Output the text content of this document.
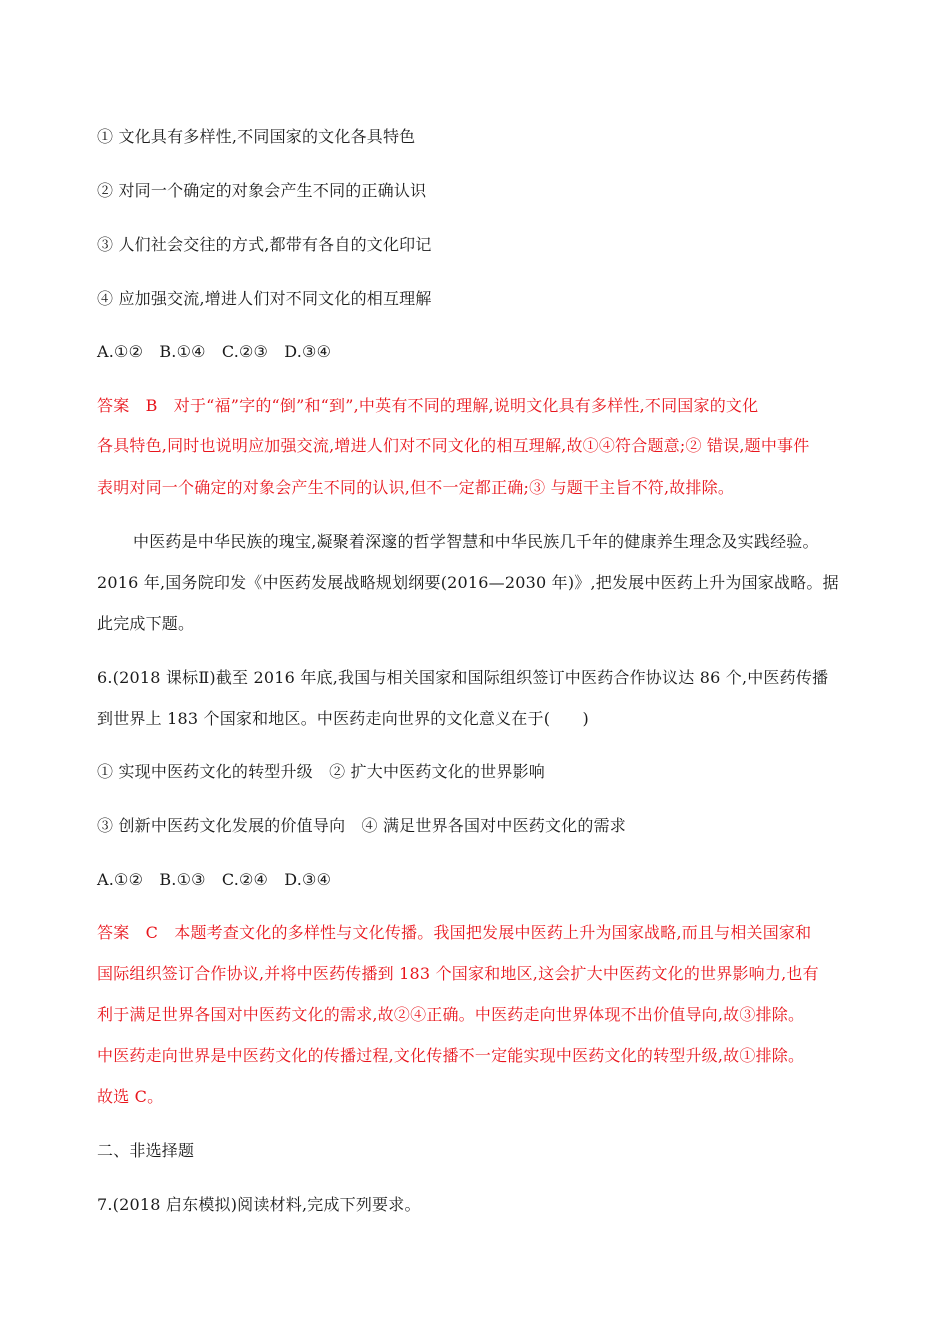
① 文化具有多样性,不同国家的文化各具特色
② 对同一个确定的对象会产生不同的正确认识
③ 人们社会交往的方式,都带有各自的文化印记
④ 应加强交流,增进人们对不同文化的相互理解
A.①②　B.①④　C.②③　D.③④
答案　B　对于“福”字的“倒”和“到”,中英有不同的理解,说明文化具有多样性,不同国家的文化
各具特色,同时也说明应加强交流,增进人们对不同文化的相互理解,故①④符合题意;② 错误,题中事件
表明对同一个确定的对象会产生不同的认识,但不一定都正确;③ 与题干主旨不符,故排除。
中医药是中华民族的瑰宝,凝聚着深邃的哲学智慧和中华民族几千年的健康养生理念及实践经验。
2016 年,国务院印发《中医药发展战略规划纲要(2016—2030 年)》,把发展中医药上升为国家战略。据
此完成下题。
6.(2018 课标Ⅱ)截至 2016 年底,我国与相关国家和国际组织签订中医药合作协议达 86 个,中医药传播
到世界上 183 个国家和地区。中医药走向世界的文化意义在于(　　)
① 实现中医药文化的转型升级　② 扩大中医药文化的世界影响
③ 创新中医药文化发展的价值导向　④ 满足世界各国对中医药文化的需求
A.①②　B.①③　C.②④　D.③④
答案　C　本题考查文化的多样性与文化传播。我国把发展中医药上升为国家战略,而且与相关国家和
国际组织签订合作协议,并将中医药传播到 183 个国家和地区,这会扩大中医药文化的世界影响力,也有
利于满足世界各国对中医药文化的需求,故②④正确。中医药走向世界体现不出价值导向,故③排除。
中医药走向世界是中医药文化的传播过程,文化传播不一定能实现中医药文化的转型升级,故①排除。
故选 C。
二、非选择题
7.(2018 启东模拟)阅读材料,完成下列要求。
